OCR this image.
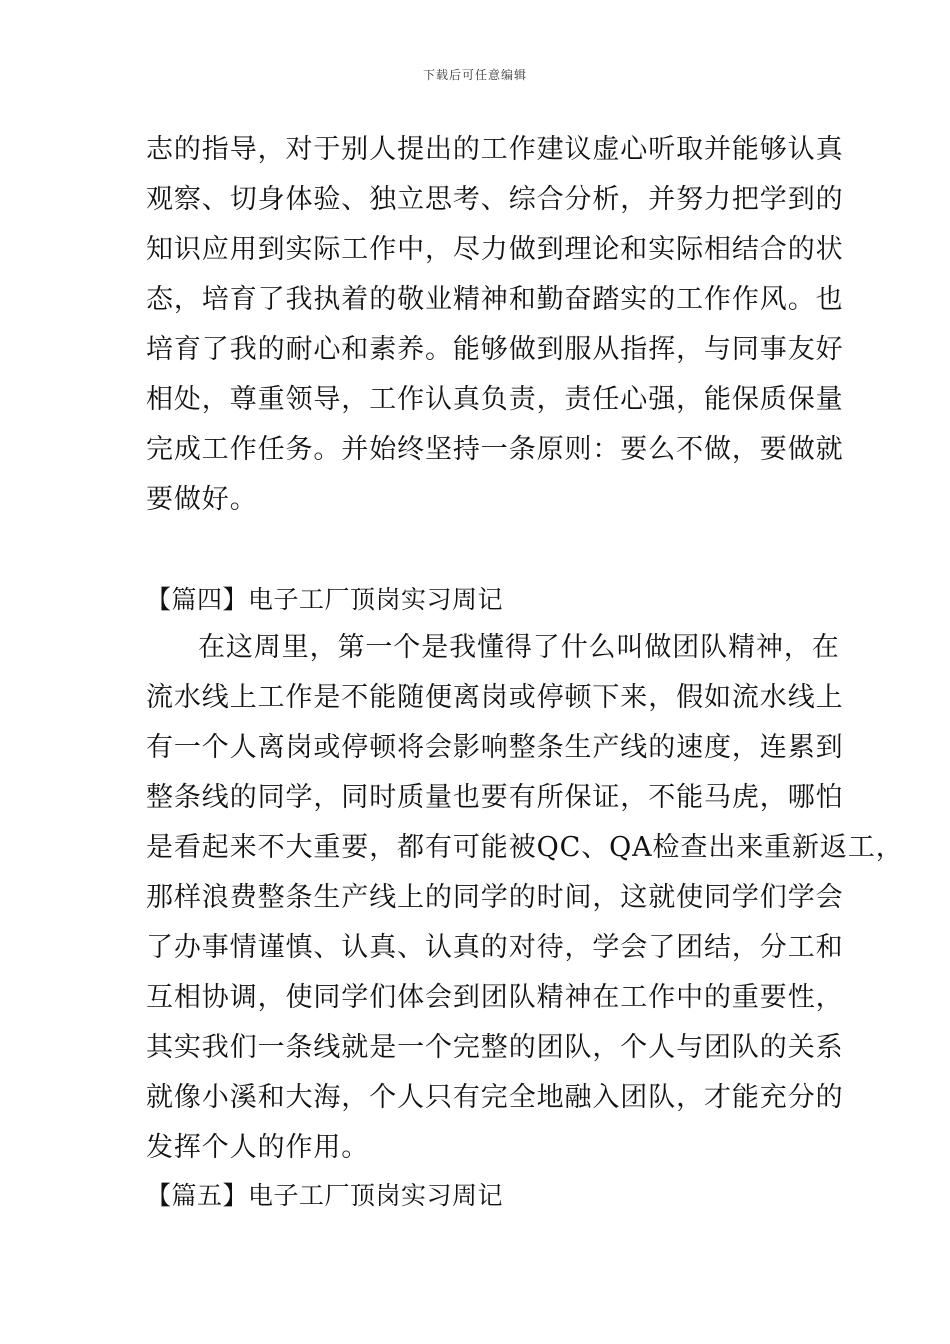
下载后可任意编辑
志的指导，对于别人提出的工作建议虚心听取并能够认真
观察、切身体验、独立思考、综合分析，并努力把学到的
知识应用到实际工作中，尽力做到理论和实际相结合的状
态，培育了我执着的敬业精神和勤奋踏实的工作作风。也
培育了我的耐心和素养。能够做到服从指挥，与同事友好
相处，尊重领导，工作认真负责，责任心强，能保质保量
完成工作任务。并始终坚持一条原则：要么不做，要做就
要做好。
【篇四】电子工厂顶岗实习周记
在这周里，第一个是我懂得了什么叫做团队精神，在
流水线上工作是不能随便离岗或停顿下来，假如流水线上
有一个人离岗或停顿将会影响整条生产线的速度，连累到
整条线的同学，同时质量也要有所保证，不能马虎，哪怕
是看起来不大重要，都有可能被QC、QA检查出来重新返工，
那样浪费整条生产线上的同学的时间，这就使同学们学会
了办事情谨慎、认真、认真的对待，学会了团结，分工和
互相协调，使同学们体会到团队精神在工作中的重要性，
其实我们一条线就是一个完整的团队，个人与团队的关系
就像小溪和大海，个人只有完全地融入团队，才能充分的
发挥个人的作用。
【篇五】电子工厂顶岗实习周记
